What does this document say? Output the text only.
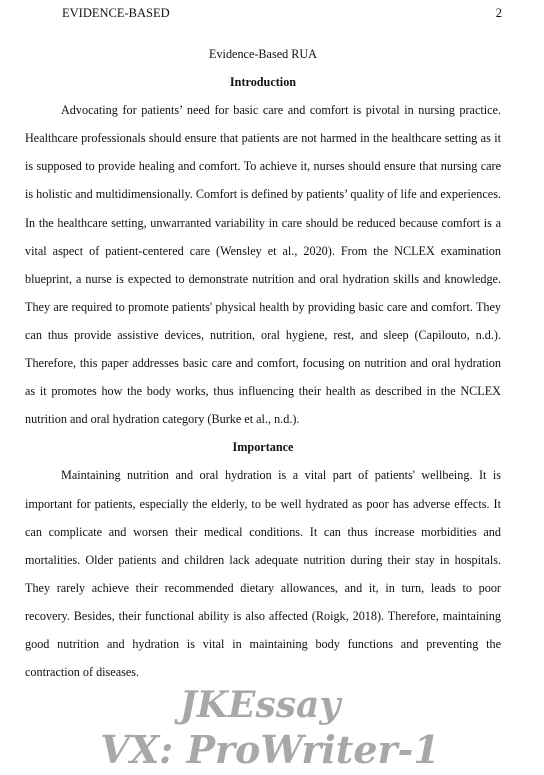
EVIDENCE-BASED	2

Evidence-Based RUA

Introduction

Advocating for patients’ need for basic care and comfort is pivotal in nursing practice. Healthcare professionals should ensure that patients are not harmed in the healthcare setting as it is supposed to provide healing and comfort. To achieve it, nurses should ensure that nursing care is holistic and multidimensionally. Comfort is defined by patients’ quality of life and experiences. In the healthcare setting, unwarranted variability in care should be reduced because comfort is a vital aspect of patient-centered care (Wensley et al., 2020). From the NCLEX examination blueprint, a nurse is expected to demonstrate nutrition and oral hydration skills and knowledge. They are required to promote patients' physical health by providing basic care and comfort. They can thus provide assistive devices, nutrition, oral hygiene, rest, and sleep (Capilouto, n.d.). Therefore, this paper addresses basic care and comfort, focusing on nutrition and oral hydration as it promotes how the body works, thus influencing their health as described in the NCLEX nutrition and oral hydration category (Burke et al., n.d.).

Importance

Maintaining nutrition and oral hydration is a vital part of patients' wellbeing. It is important for patients, especially the elderly, to be well hydrated as poor has adverse effects. It can complicate and worsen their medical conditions. It can thus increase morbidities and mortalities. Older patients and children lack adequate nutrition during their stay in hospitals. They rarely achieve their recommended dietary allowances, and it, in turn, leads to poor recovery. Besides, their functional ability is also affected (Roigk, 2018). Therefore, maintaining good nutrition and hydration is vital in maintaining body functions and preventing the contraction of diseases.

JKEssay
VX: ProWriter-1
